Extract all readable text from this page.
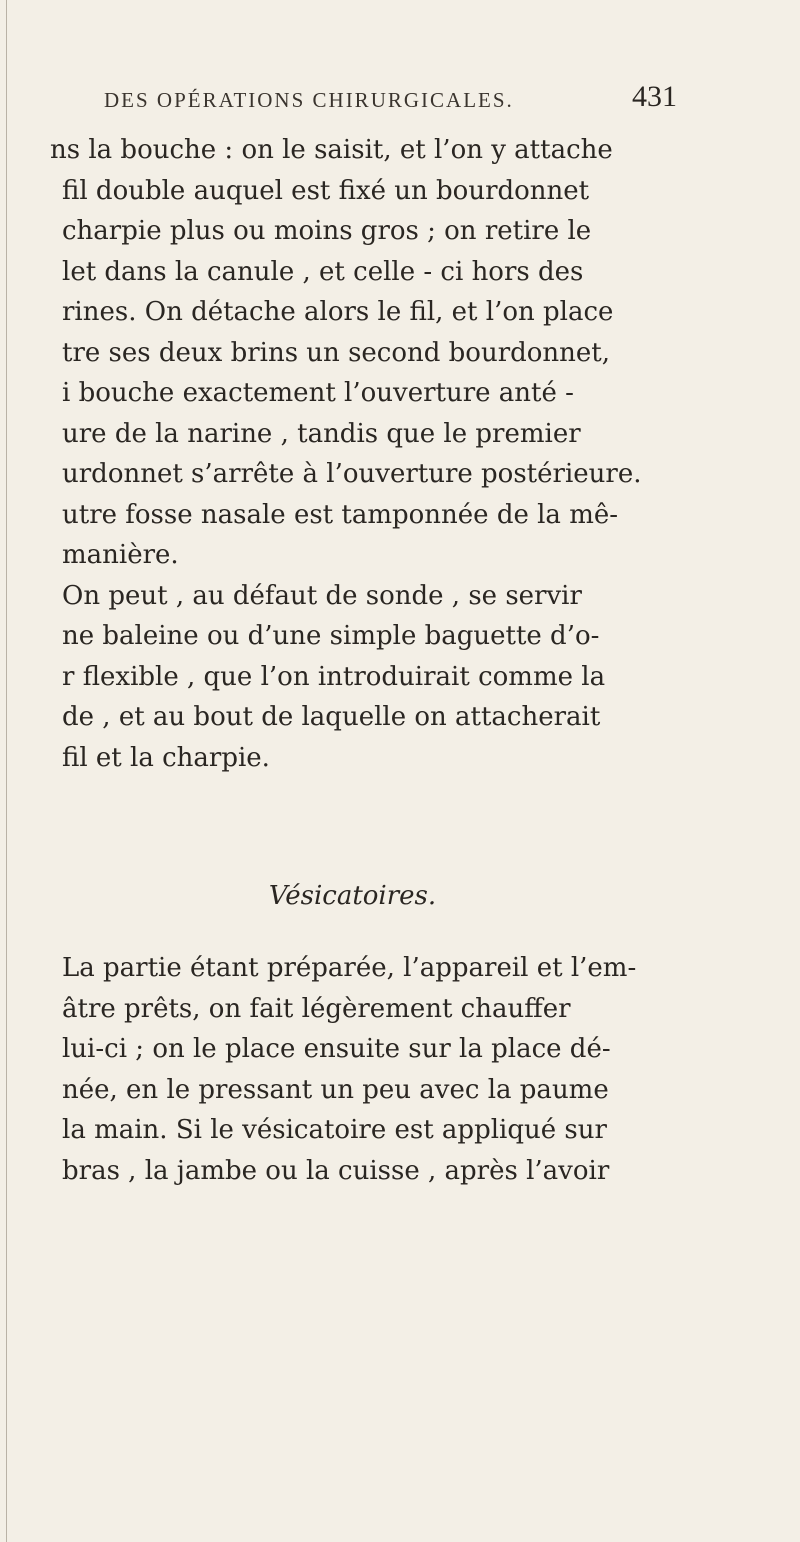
DES OPÉRATIONS CHIRURGICALES.	431
ns la bouche : on le saisit, et l’on y attache
fil double auquel est fixé un bourdonnet
charpie plus ou moins gros ; on retire le
let dans la canule , et celle - ci hors des
rines. On détache alors le fil, et l’on place
tre ses deux brins un second bourdonnet,
i bouche exactement l’ouverture anté -
ure de la narine , tandis que le premier
urdonnet s’arrête à l’ouverture postérieure.
utre fosse nasale est tamponnée de la mê-
manière.
On peut , au défaut de sonde , se servir
ne baleine ou d’une simple baguette d’o-
r flexible , que l’on introduirait comme la
de , et au bout de laquelle on attacherait
fil et la charpie.
Vésicatoires.
La partie étant préparée, l’appareil et l’em-
âtre prêts, on fait légèrement chauffer
lui-ci ; on le place ensuite sur la place dé-
née, en le pressant un peu avec la paume
la main. Si le vésicatoire est appliqué sur
bras , la jambe ou la cuisse , après l’avoir
